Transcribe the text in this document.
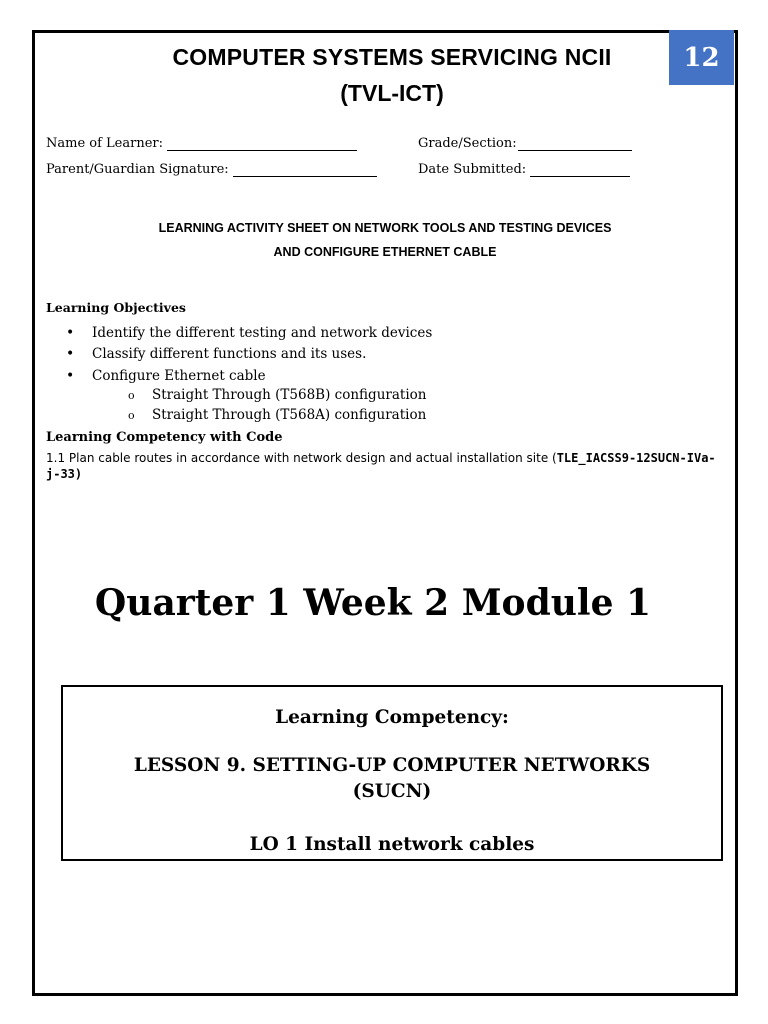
12
COMPUTER SYSTEMS SERVICING NCII
(TVL-ICT)
Name of Learner:	Grade/Section:
Parent/Guardian Signature:	Date Submitted:
LEARNING ACTIVITY SHEET ON NETWORK TOOLS AND TESTING DEVICES
AND CONFIGURE ETHERNET CABLE
Learning Objectives
•	Identify the different testing and network devices
•	Classify different functions and its uses.
•	Configure Ethernet cable
o	Straight Through (T568B) configuration
o	Straight Through (T568A) configuration
Learning Competency with Code
1.1 Plan cable routes in accordance with network design and actual installation site (TLE_IACSS9-12SUCN-IVa-j-33)
Quarter 1 Week 2 Module 1
Learning Competency:
LESSON 9. SETTING-UP COMPUTER NETWORKS
(SUCN)
LO 1 Install network cables
